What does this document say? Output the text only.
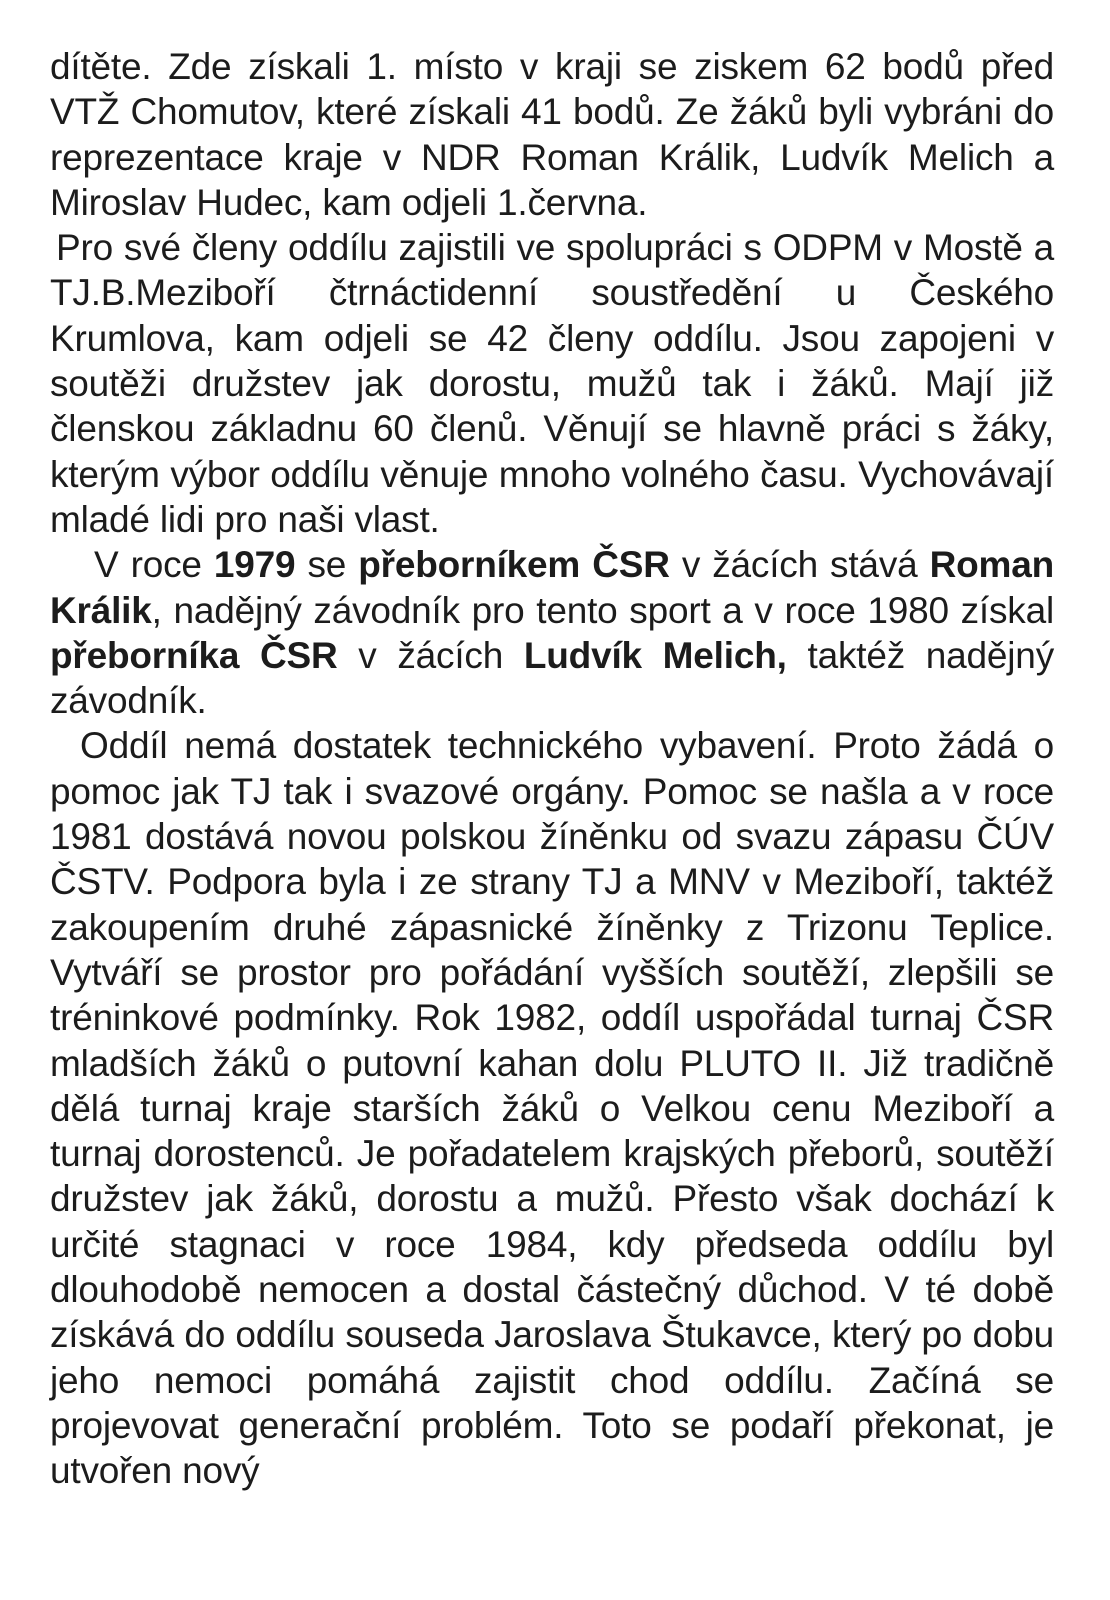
dítěte. Zde získali 1. místo v kraji se ziskem 62 bodů před VTŽ Chomutov, které získali 41 bodů. Ze žáků byli vybráni do reprezentace kraje v NDR Roman Králik, Ludvík Melich a Miroslav Hudec, kam odjeli 1.června.

Pro své členy oddílu zajistili ve spolupráci s ODPM v Mostě a TJ.B.Meziboří čtrnáctidenní soustředění u Českého Krumlova, kam odjeli se 42 členy oddílu. Jsou zapojeni v soutěži družstev jak dorostu, mužů tak i žáků. Mají již členskou základnu 60 členů. Věnují se hlavně práci s žáky, kterým výbor oddílu věnuje mnoho volného času. Vychovávají mladé lidi pro naši vlast.

V roce 1979 se přeborníkem ČSR v žácích stává Roman Králik, nadějný závodník pro tento sport a v roce 1980 získal přeborníka ČSR v žácích Ludvík Melich, taktéž nadějný závodník.

Oddíl nemá dostatek technického vybavení. Proto žádá o pomoc jak TJ tak i svazové orgány. Pomoc se našla a v roce 1981 dostává novou polskou žíněnku od svazu zápasu ČÚV ČSTV. Podpora byla i ze strany TJ a MNV v Meziboří, taktéž zakoupením druhé zápasnické žíněnky z Trizonu Teplice. Vytváří se prostor pro pořádání vyšších soutěží, zlepšili se tréninkové podmínky. Rok 1982, oddíl uspořádal turnaj ČSR mladších žáků o putovní kahan dolu PLUTO II. Již tradičně dělá turnaj kraje starších žáků o Velkou cenu Meziboří a turnaj dorostenců. Je pořadatelem krajských přeborů, soutěží družstev jak žáků, dorostu a mužů. Přesto však dochází k určité stagnaci v roce 1984, kdy předseda oddílu byl dlouhodobě nemocen a dostal částečný důchod. V té době získává do oddílu souseda Jaroslava Štukavce, který po dobu jeho nemoci pomáhá zajistit chod oddílu. Začíná se projevovat generační problém. Toto se podaří překonat, je utvořen nový
